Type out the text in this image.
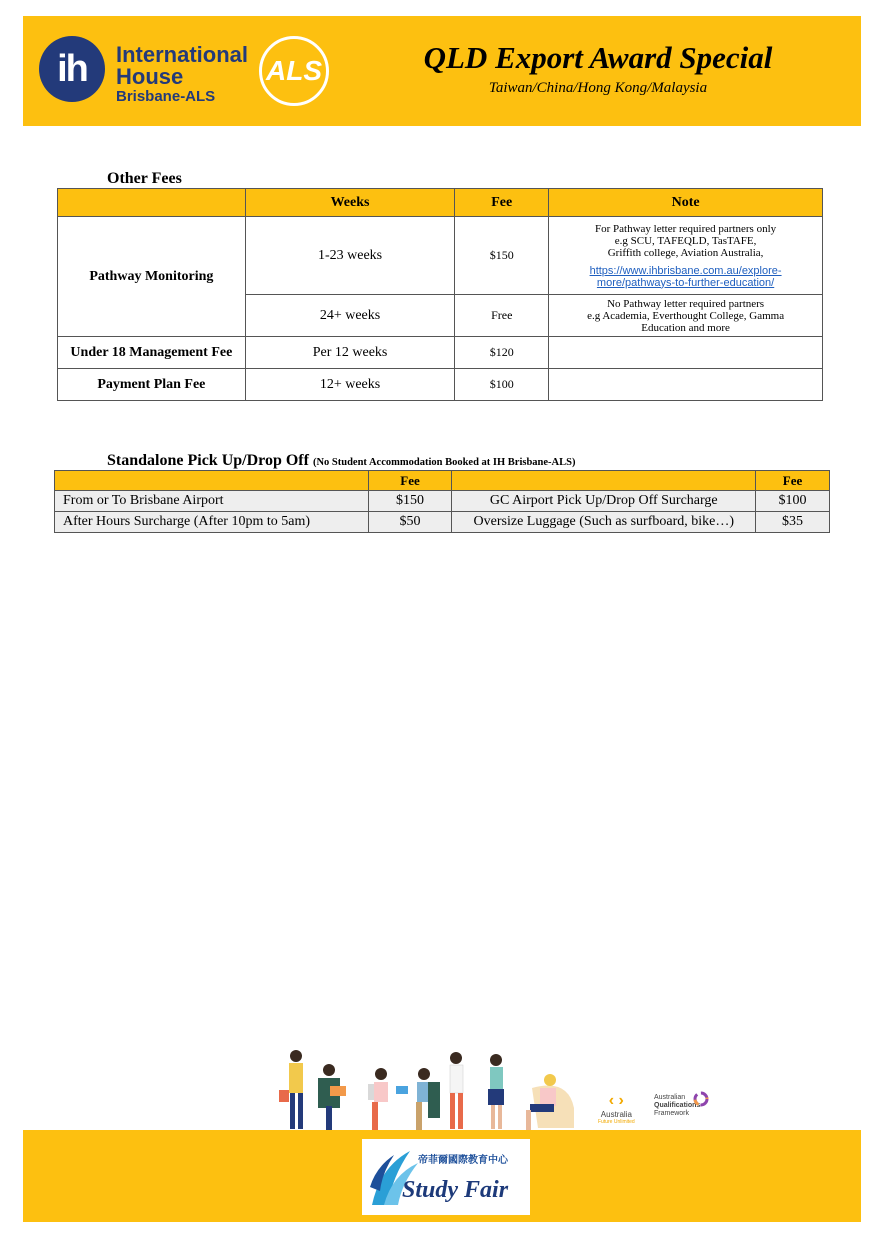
ih	International
House
Brisbane-ALS
ALS	QLD Export Award Special
Taiwan/China/Hong Kong/Malaysia
Other Fees
	Weeks	Fee	Note
Pathway Monitoring	1-23 weeks	$150	For Pathway letter required partners only
e.g SCU, TAFEQLD, TasTAFE,
Griffith college, Aviation Australia,
https://www.ihbrisbane.com.au/explore-
more/pathways-to-further-education/
	24+ weeks	Free	No Pathway letter required partners
e.g Academia, Everthought College, Gamma
Education and more

Under 18 Management Fee	Per 12 weeks	$120	
Payment Plan Fee	12+ weeks	$100	
Standalone Pick Up/Drop Off (No Student Accommodation Booked at IH Brisbane-ALS)
	Fee		Fee
From or To Brisbane Airport	$150	GC Airport Pick Up/Drop Off Surcharge	$100
After Hours Surcharge (After 10pm to 5am)	$50	Oversize Luggage (Such as surfboard, bike…)	$35
‹ ›
Australia
Future Unlimited
Australian
Qualifications
Framework
帝菲爾國際教育中心
Study Fair
